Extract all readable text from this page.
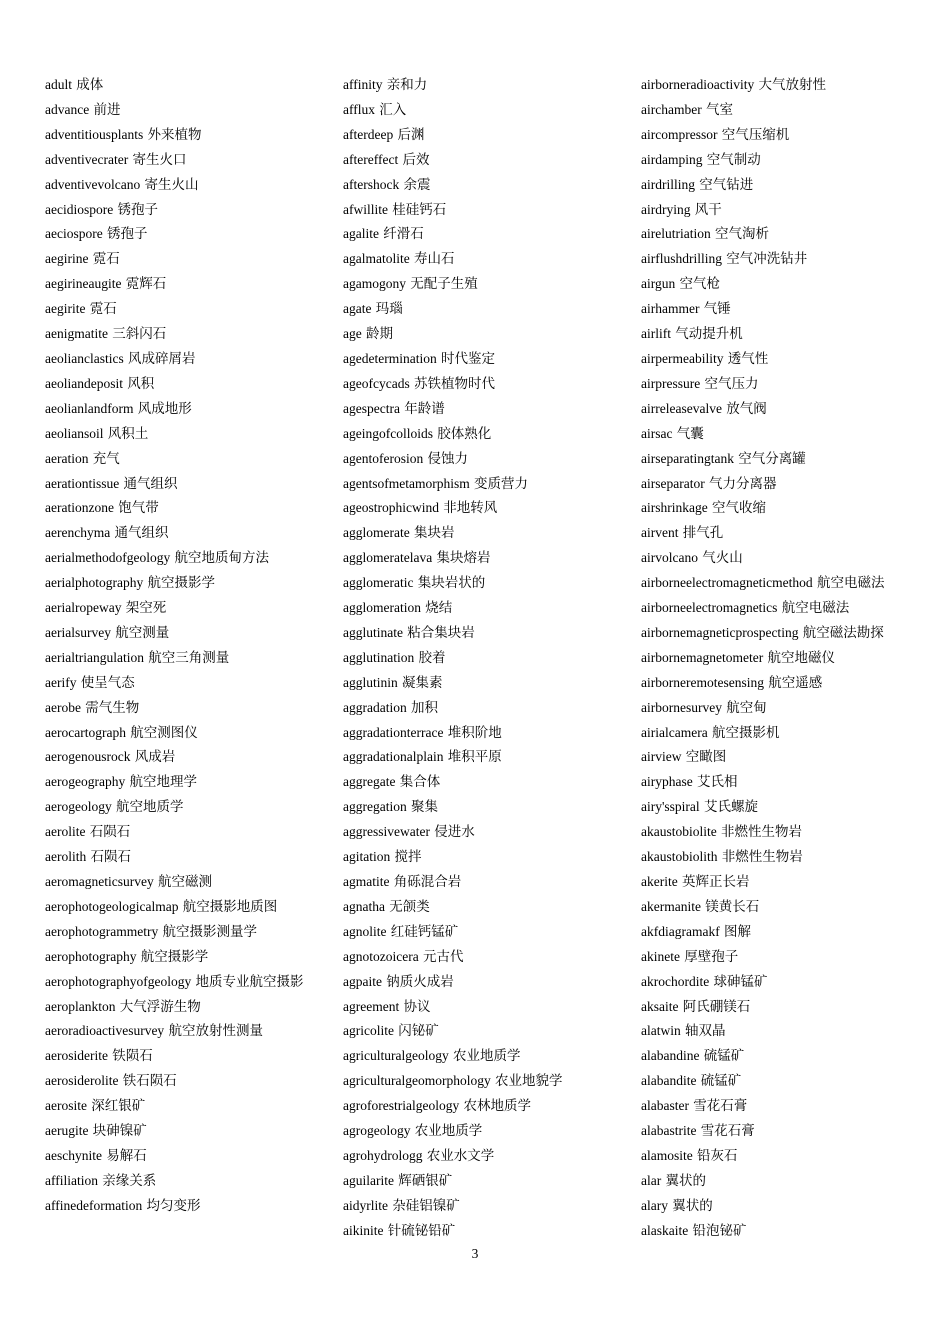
adult 成体
advance 前进
adventitiousplants 外来植物
adventivecrater 寄生火口
adventivevolcano 寄生火山
aecidiospore 锈孢子
aeciospore 锈孢子
aegirine 霓石
aegirineaugite 霓辉石
aegirite 霓石
aenigmatite 三斜闪石
aeolianclastics 风成碎屑岩
aeoliandeposit 风积
aeolianlandform 风成地形
aeoliansoil 风积土
aeration 充气
aerationtissue 通气组织
aerationzone 饱气带
aerenchyma 通气组织
aerialmethodofgeology 航空地质甸方法
aerialphotography 航空摄影学
aerialropeway 架空死
aerialsurvey 航空测量
aerialtriangulation 航空三角测量
aerify 使呈气态
aerobe 需气生物
aerocartograph 航空测图仪
aerogenousrock 风成岩
aerogeography 航空地理学
aerogeology 航空地质学
aerolite 石陨石
aerolith 石陨石
aeromagneticsurvey 航空磁测
aerophotogeologicalmap 航空摄影地质图
aerophotogrammetry 航空摄影测量学
aerophotography 航空摄影学
aerophotographyofgeology 地质专业航空摄影
aeroplankton 大气浮游生物
aeroradioactivesurvey 航空放射性测量
aerosiderite 铁陨石
aerosiderolite 铁石陨石
aerosite 深红银矿
aerugite 块砷镍矿
aeschynite 易解石
affiliation 亲缘关系
affinedeformation 均匀变形
affinity 亲和力
afflux 汇入
afterdeep 后渊
aftereffect 后效
aftershock 余震
afwillite 桂硅钙石
agalite 纤滑石
agalmatolite 寿山石
agamogony 无配子生殖
agate 玛瑙
age 龄期
agedetermination 时代鉴定
ageofcycads 苏铁植物时代
agespectra 年龄谱
ageingofcolloids 胶体熟化
agentoferosion 侵蚀力
agentsofmetamorphism 变质营力
ageostrophicwind 非地转风
agglomerate 集块岩
agglomeratelava 集块熔岩
agglomeratic 集块岩状的
agglomeration 烧结
agglutinate 粘合集块岩
agglutination 胶着
agglutinin 凝集素
aggradation 加积
aggradationterrace 堆积阶地
aggradationalplain 堆积平原
aggregate 集合体
aggregation 聚集
aggressivewater 侵进水
agitation 搅拌
agmatite 角砾混合岩
agnatha 无颌类
agnolite 红硅钙锰矿
agnotozoicera 元古代
agpaite 钠质火成岩
agreement 协议
agricolite 闪铋矿
agriculturalgeology 农业地质学
agriculturalgeomorphology 农业地貌学
agroforestrialgeology 农林地质学
agrogeology 农业地质学
agrohydrologg 农业水文学
aguilarite 辉硒银矿
aidyrlite 杂硅铝镍矿
aikinite 针硫铋铅矿
airborneradioactivity 大气放射性
airchamber 气室
aircompressor 空气压缩机
airdamping 空气制动
airdrilling 空气钻进
airdrying 风干
airelutriation 空气淘析
airflushdrilling 空气冲洗钻井
airgun 空气枪
airhammer 气锤
airlift 气动提升机
airpermeability 透气性
airpressure 空气压力
airreleasevalve 放气阀
airsac 气囊
airseparatingtank 空气分离罐
airseparator 气力分离器
airshrinkage 空气收缩
airvent 排气孔
airvolcano 气火山
airborneelectromagneticmethod 航空电磁法
airborneelectromagnetics 航空电磁法
airbornemagneticprospecting 航空磁法勘探
airbornemagnetometer 航空地磁仪
airborneremotesensing 航空遥感
airbornesurvey 航空甸
airialcamera 航空摄影机
airview 空瞰图
airyphase 艾氏相
airy'sspiral 艾氏螺旋
akaustobiolite 非燃性生物岩
akaustobiolith 非燃性生物岩
akerite 英辉正长岩
akermanite 镁黄长石
akfdiagramakf 图解
akinete 厚壁孢子
akrochordite 球砷锰矿
aksaite 阿氏硼镁石
alatwin 轴双晶
alabandine 硫锰矿
alabandite 硫锰矿
alabaster 雪花石膏
alabastrite 雪花石膏
alamosite 铅灰石
alar 翼状的
alary 翼状的
alaskaite 铅泡铋矿
3
